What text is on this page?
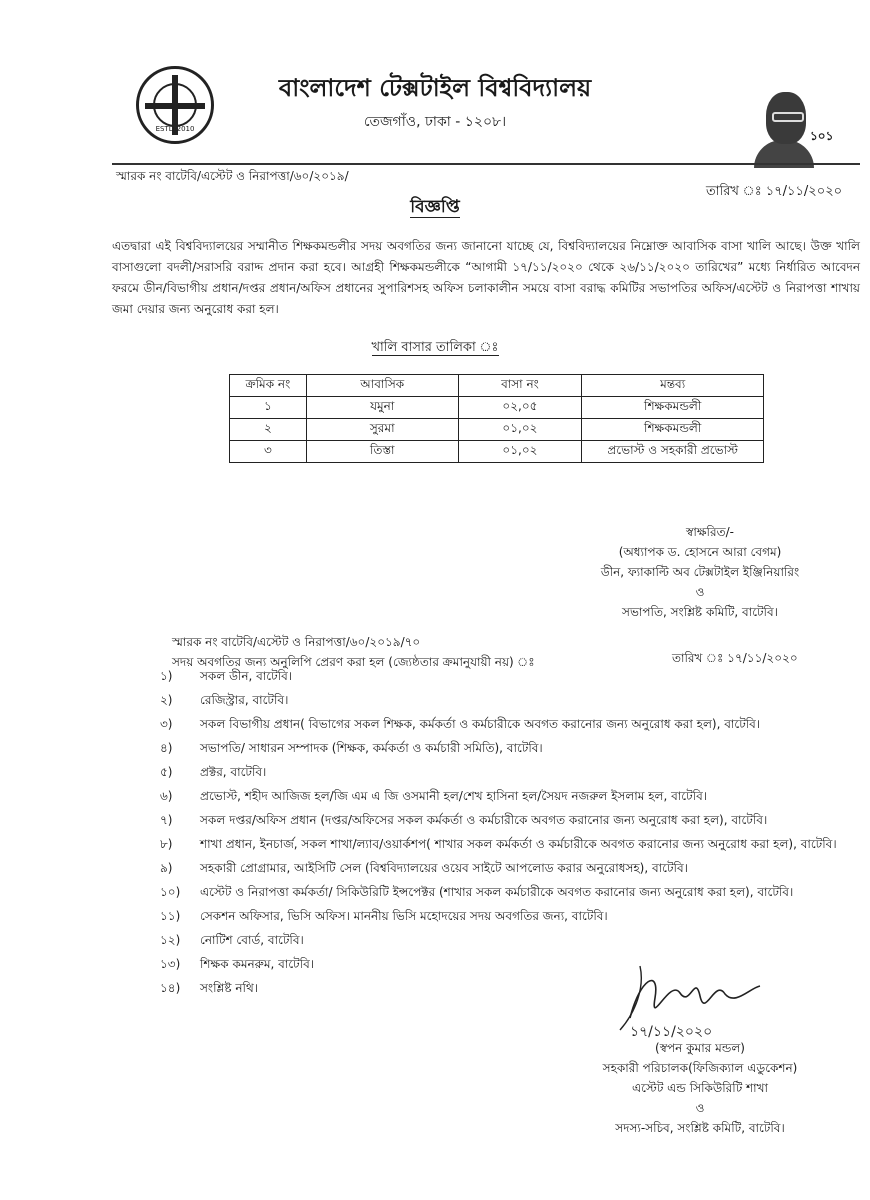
ESTD-2010
বাংলাদেশ টেক্সটাইল বিশ্ববিদ্যালয়
তেজগাঁও, ঢাকা - ১২০৮।
১০১
স্মারক নং বাটেবি/এস্টেট ও নিরাপত্তা/৬০/২০১৯/
তারিখ ঃ ১৭/১১/২০২০
বিজ্ঞপ্তি
এতদ্বারা এই বিশ্ববিদ্যালয়ের সম্মানীত শিক্ষকমন্ডলীর সদয় অবগতির জন্য জানানো যাচ্ছে যে, বিশ্ববিদ্যালয়ের নিম্নোক্ত আবাসিক বাসা খালি আছে। উক্ত খালি বাসাগুলো বদলী/সরাসরি বরাদ্দ প্রদান করা হবে। আগ্রহী শিক্ষকমন্ডলীকে “আগামী ১৭/১১/২০২০ থেকে ২৬/১১/২০২০ তারিখের” মধ্যে নির্ধারিত আবেদন ফরমে ডীন/বিভাগীয় প্রধান/দপ্তর প্রধান/অফিস প্রধানের সুপারিশসহ অফিস চলাকালীন সময়ে বাসা বরাদ্ধ কমিটির সভাপতির অফিস/এস্টেট ও নিরাপত্তা শাখায় জমা দেয়ার জন্য অনুরোধ করা হল।
খালি বাসার তালিকা ঃ
ক্রমিক নং	আবাসিক	বাসা নং	মন্তব্য
১	যমুনা	০২,০৫	শিক্ষকমন্ডলী
২	সুরমা	০১,০২	শিক্ষকমন্ডলী
৩	তিস্তা	০১,০২	প্রভোস্ট ও সহকারী প্রভোস্ট
স্বাক্ষরিত/-
(অধ্যাপক ড. হোসনে আরা বেগম)
ডীন, ফ্যাকাল্টি অব টেক্সটাইল ইঞ্জিনিয়ারিং
ও
সভাপতি, সংশ্লিষ্ট কমিটি, বাটেবি।
স্মারক নং বাটেবি/এস্টেট ও নিরাপত্তা/৬০/২০১৯/৭০
তারিখ ঃ ১৭/১১/২০২০
সদয় অবগতির জন্য অনুলিপি প্রেরণ করা হল (জ্যেষ্ঠতার ক্রমানুযায়ী নয়) ঃ
১) সকল ডীন, বাটেবি।
২) রেজিস্ট্রার, বাটেবি।
৩) সকল বিভাগীয় প্রধান( বিভাগের সকল শিক্ষক, কর্মকর্তা ও কর্মচারীকে অবগত করানোর জন্য অনুরোধ করা হল), বাটেবি।
৪) সভাপতি/ সাধারন সম্পাদক (শিক্ষক, কর্মকর্তা ও কর্মচারী সমিতি), বাটেবি।
৫) প্রক্টর, বাটেবি।
৬) প্রভোস্ট, শহীদ আজিজ হল/জি এম এ জি ওসমানী হল/শেখ হাসিনা হল/সৈয়দ নজরুল ইসলাম হল, বাটেবি।
৭) সকল দপ্তর/অফিস প্রধান (দপ্তর/অফিসের সকল কর্মকর্তা ও কর্মচারীকে অবগত করানোর জন্য অনুরোধ করা হল), বাটেবি।
৮) শাখা প্রধান, ইনচার্জ, সকল শাখা/ল্যাব/ওয়ার্কশপ( শাখার সকল কর্মকর্তা ও কর্মচারীকে অবগত করানোর জন্য অনুরোধ করা হল), বাটেবি।
৯) সহকারী প্রোগ্রামার, আইসিটি সেল (বিশ্ববিদ্যালয়ের ওয়েব সাইটে আপলোড করার অনুরোধসহ), বাটেবি।
১০) এস্টেট ও নিরাপত্তা কর্মকর্তা/ সিকিউরিটি ইন্সপেক্টর (শাখার সকল কর্মচারীকে অবগত করানোর জন্য অনুরোধ করা হল), বাটেবি।
১১) সেকশন অফিসার, ভিসি অফিস। মাননীয় ভিসি মহোদয়ের সদয় অবগতির জন্য, বাটেবি।
১২) নোটিশ বোর্ড, বাটেবি।
১৩) শিক্ষক কমনরুম, বাটেবি।
১৪) সংশ্লিষ্ট নথি।
১৭/১১/২০২০
(স্বপন কুমার মন্ডল)
সহকারী পরিচালক(ফিজিক্যাল এডুকেশন)
এস্টেট এন্ড সিকিউরিটি শাখা
ও
সদস্য-সচিব, সংশ্লিষ্ট কমিটি, বাটেবি।
